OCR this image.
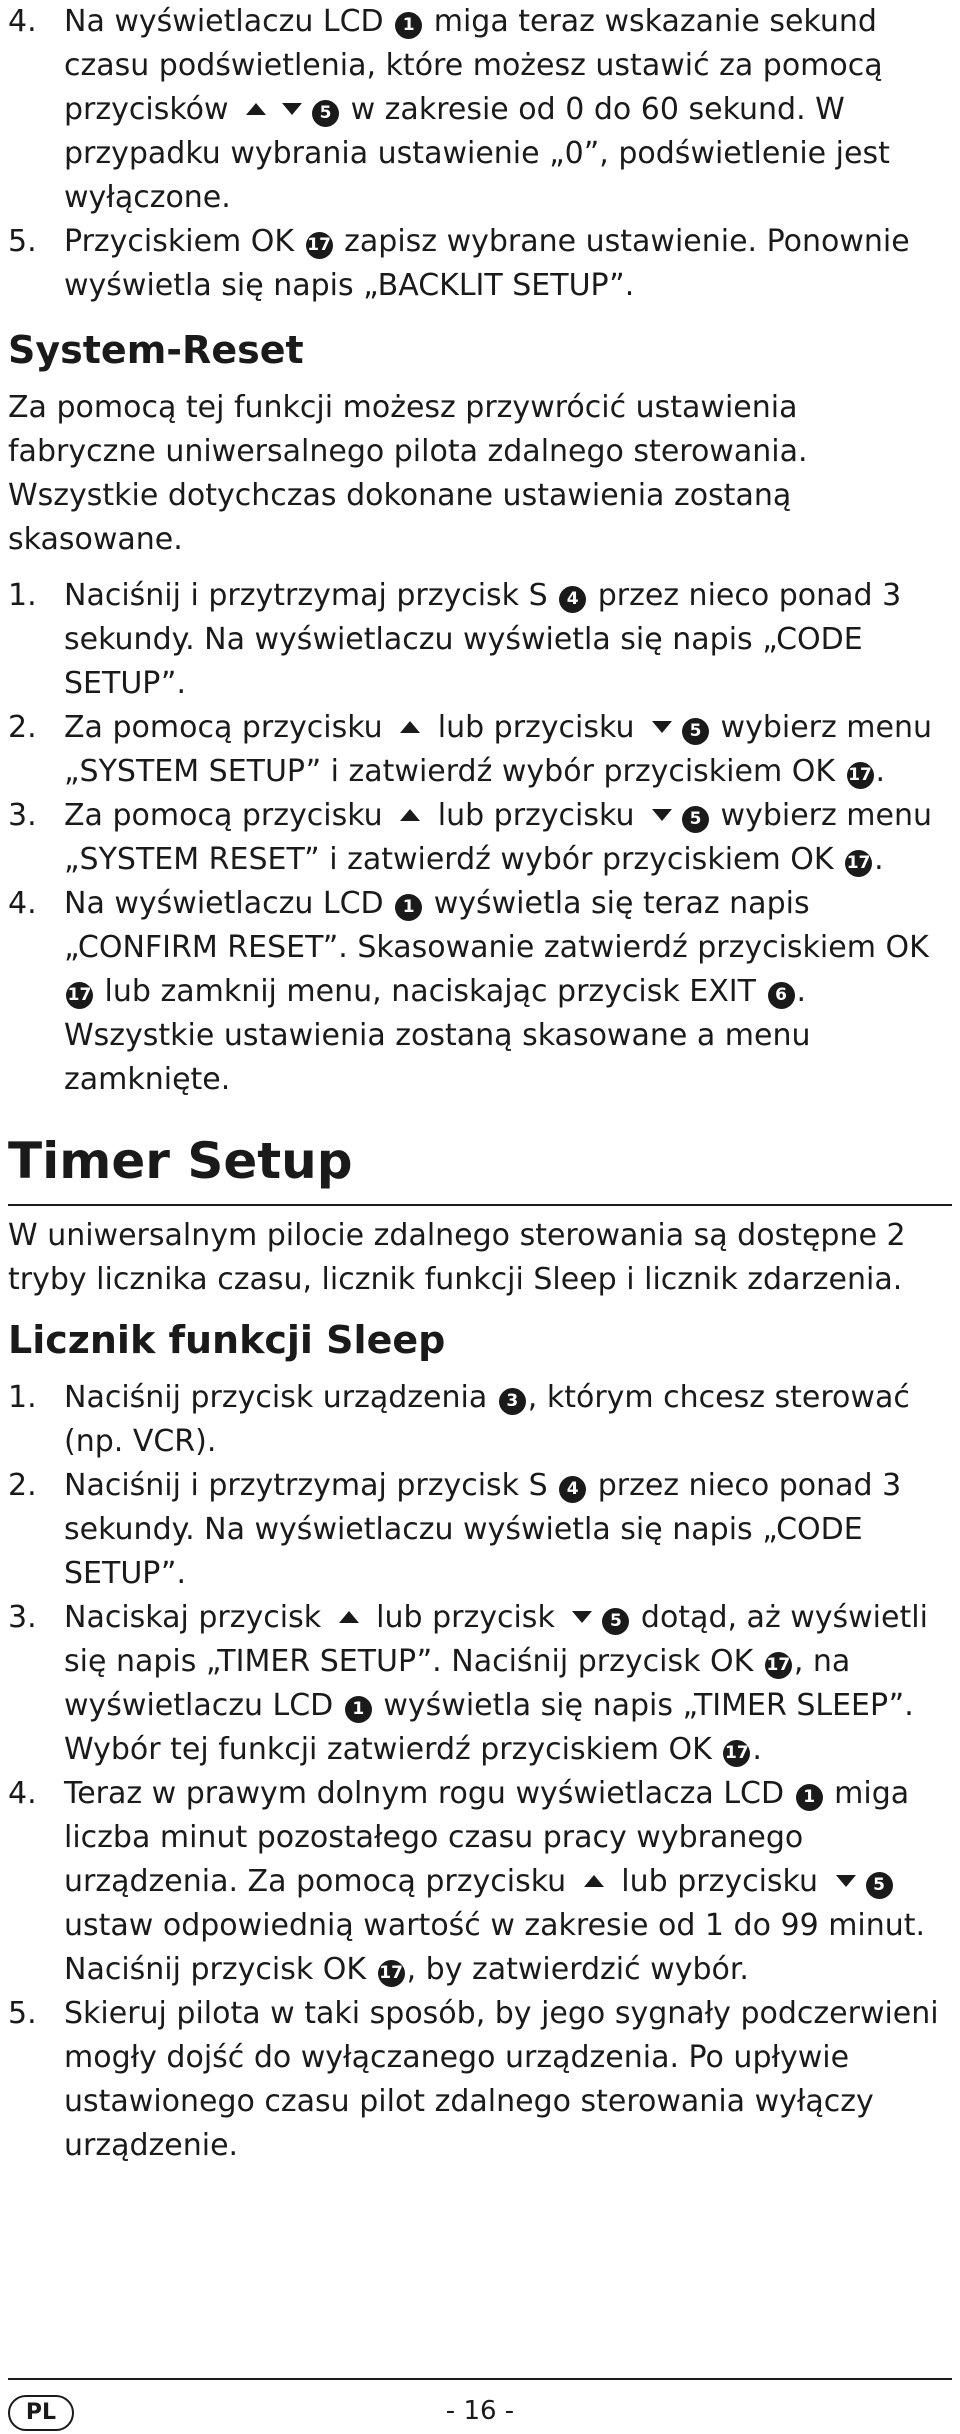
4. Na wyświetlaczu LCD 1 miga teraz wskazanie sekund czasu podświetlenia, które możesz ustawić za pomocą przycisków	5 w zakresie od 0 do 60 sekund. W przypadku wybrania ustawienie „0”, podświetlenie jest wyłączone.
5. Przyciskiem OK 17 zapisz wybrane ustawienie. Ponownie wyświetla się napis „BACKLIT SETUP”.
System-Reset
Za pomocą tej funkcji możesz przywrócić ustawienia fabryczne uniwersalnego pilota zdalnego sterowania. Wszystkie dotychczas dokonane ustawienia zostaną skasowane.
1. Naciśnij i przytrzymaj przycisk S 4 przez nieco ponad 3 sekundy. Na wyświetlaczu wyświetla się napis „CODE SETUP”.
2. Za pomocą przycisku  lub przycisku	5 wybierz menu „SYSTEM SETUP” i zatwierdź wybór przyciskiem OK 17 .
3. Za pomocą przycisku  lub przycisku	5 wybierz menu „SYSTEM RESET” i zatwierdź wybór przyciskiem OK 17 .
4. Na wyświetlaczu LCD 1 wyświetla się teraz napis „CONFIRM RESET”. Skasowanie zatwierdź przyciskiem OK 17 lub zamknij menu, naciskając przycisk EXIT 6 . Wszystkie ustawienia zostaną skasowane a menu zamknięte.
Timer Setup
W uniwersalnym pilocie zdalnego sterowania są dostępne 2 tryby licznika czasu, licznik funkcji Sleep i licznik zdarzenia.
Licznik funkcji Sleep
1. Naciśnij przycisk urządzenia 3 , którym chcesz sterować (np. VCR).
2. Naciśnij i przytrzymaj przycisk S 4 przez nieco ponad 3 sekundy. Na wyświetlaczu wyświetla się napis „CODE SETUP”.
3. Naciskaj przycisk  lub przycisk	5 dotąd, aż wyświetli się napis „TIMER SETUP”. Naciśnij przycisk OK 17 , na wyświetlaczu LCD 1 wyświetla się napis „TIMER SLEEP”. Wybór tej funkcji zatwierdź przyciskiem OK 17 .
4. Teraz w prawym dolnym rogu wyświetlacza LCD 1 miga liczba minut pozostałego czasu pracy wybranego urządzenia. Za pomocą przycisku  lub przycisku	5 ustaw odpowiednią wartość w zakresie od 1 do 99 minut. Naciśnij przycisk OK 17 , by zatwierdzić wybór.
5. Skieruj pilota w taki sposób, by jego sygnały podczerwieni mogły dojść do wyłączanego urządzenia. Po upływie ustawionego czasu pilot zdalnego sterowania wyłączy urządzenie.
PL	- 16 -
